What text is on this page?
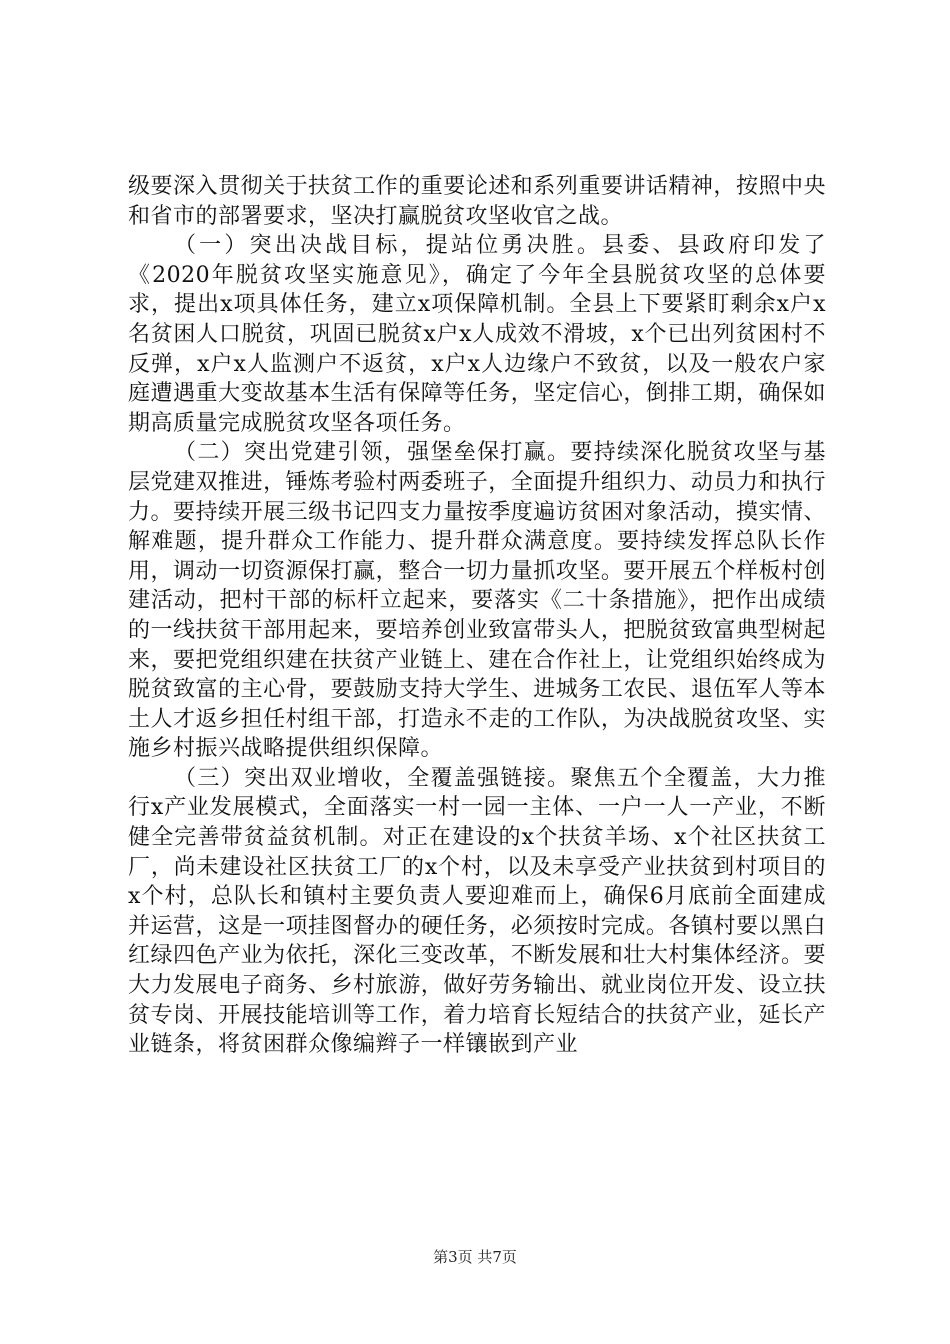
级要深入贯彻关于扶贫工作的重要论述和系列重要讲话精神，按照中央和省市的部署要求，坚决打赢脱贫攻坚收官之战。

（一）突出决战目标，提站位勇决胜。县委、县政府印发了《2020年脱贫攻坚实施意见》，确定了今年全县脱贫攻坚的总体要求，提出x项具体任务，建立x项保障机制。全县上下要紧盯剩余x户x名贫困人口脱贫，巩固已脱贫x户x人成效不滑坡，x个已出列贫困村不反弹，x户x人监测户不返贫，x户x人边缘户不致贫，以及一般农户家庭遭遇重大变故基本生活有保障等任务，坚定信心，倒排工期，确保如期高质量完成脱贫攻坚各项任务。

（二）突出党建引领，强堡垒保打赢。要持续深化脱贫攻坚与基层党建双推进，锤炼考验村两委班子，全面提升组织力、动员力和执行力。要持续开展三级书记四支力量按季度遍访贫困对象活动，摸实情、解难题，提升群众工作能力、提升群众满意度。要持续发挥总队长作用，调动一切资源保打赢，整合一切力量抓攻坚。要开展五个样板村创建活动，把村干部的标杆立起来，要落实《二十条措施》，把作出成绩的一线扶贫干部用起来，要培养创业致富带头人，把脱贫致富典型树起来，要把党组织建在扶贫产业链上、建在合作社上，让党组织始终成为脱贫致富的主心骨，要鼓励支持大学生、进城务工农民、退伍军人等本土人才返乡担任村组干部，打造永不走的工作队，为决战脱贫攻坚、实施乡村振兴战略提供组织保障。

（三）突出双业增收，全覆盖强链接。聚焦五个全覆盖，大力推行x产业发展模式，全面落实一村一园一主体、一户一人一产业，不断健全完善带贫益贫机制。对正在建设的x个扶贫羊场、x个社区扶贫工厂，尚未建设社区扶贫工厂的x个村，以及未享受产业扶贫到村项目的x个村，总队长和镇村主要负责人要迎难而上，确保6月底前全面建成并运营，这是一项挂图督办的硬任务，必须按时完成。各镇村要以黑白红绿四色产业为依托，深化三变改革，不断发展和壮大村集体经济。要大力发展电子商务、乡村旅游，做好劳务输出、就业岗位开发、设立扶贫专岗、开展技能培训等工作，着力培育长短结合的扶贫产业，延长产业链条，将贫困群众像编辫子一样镶嵌到产业

第3页 共7页
